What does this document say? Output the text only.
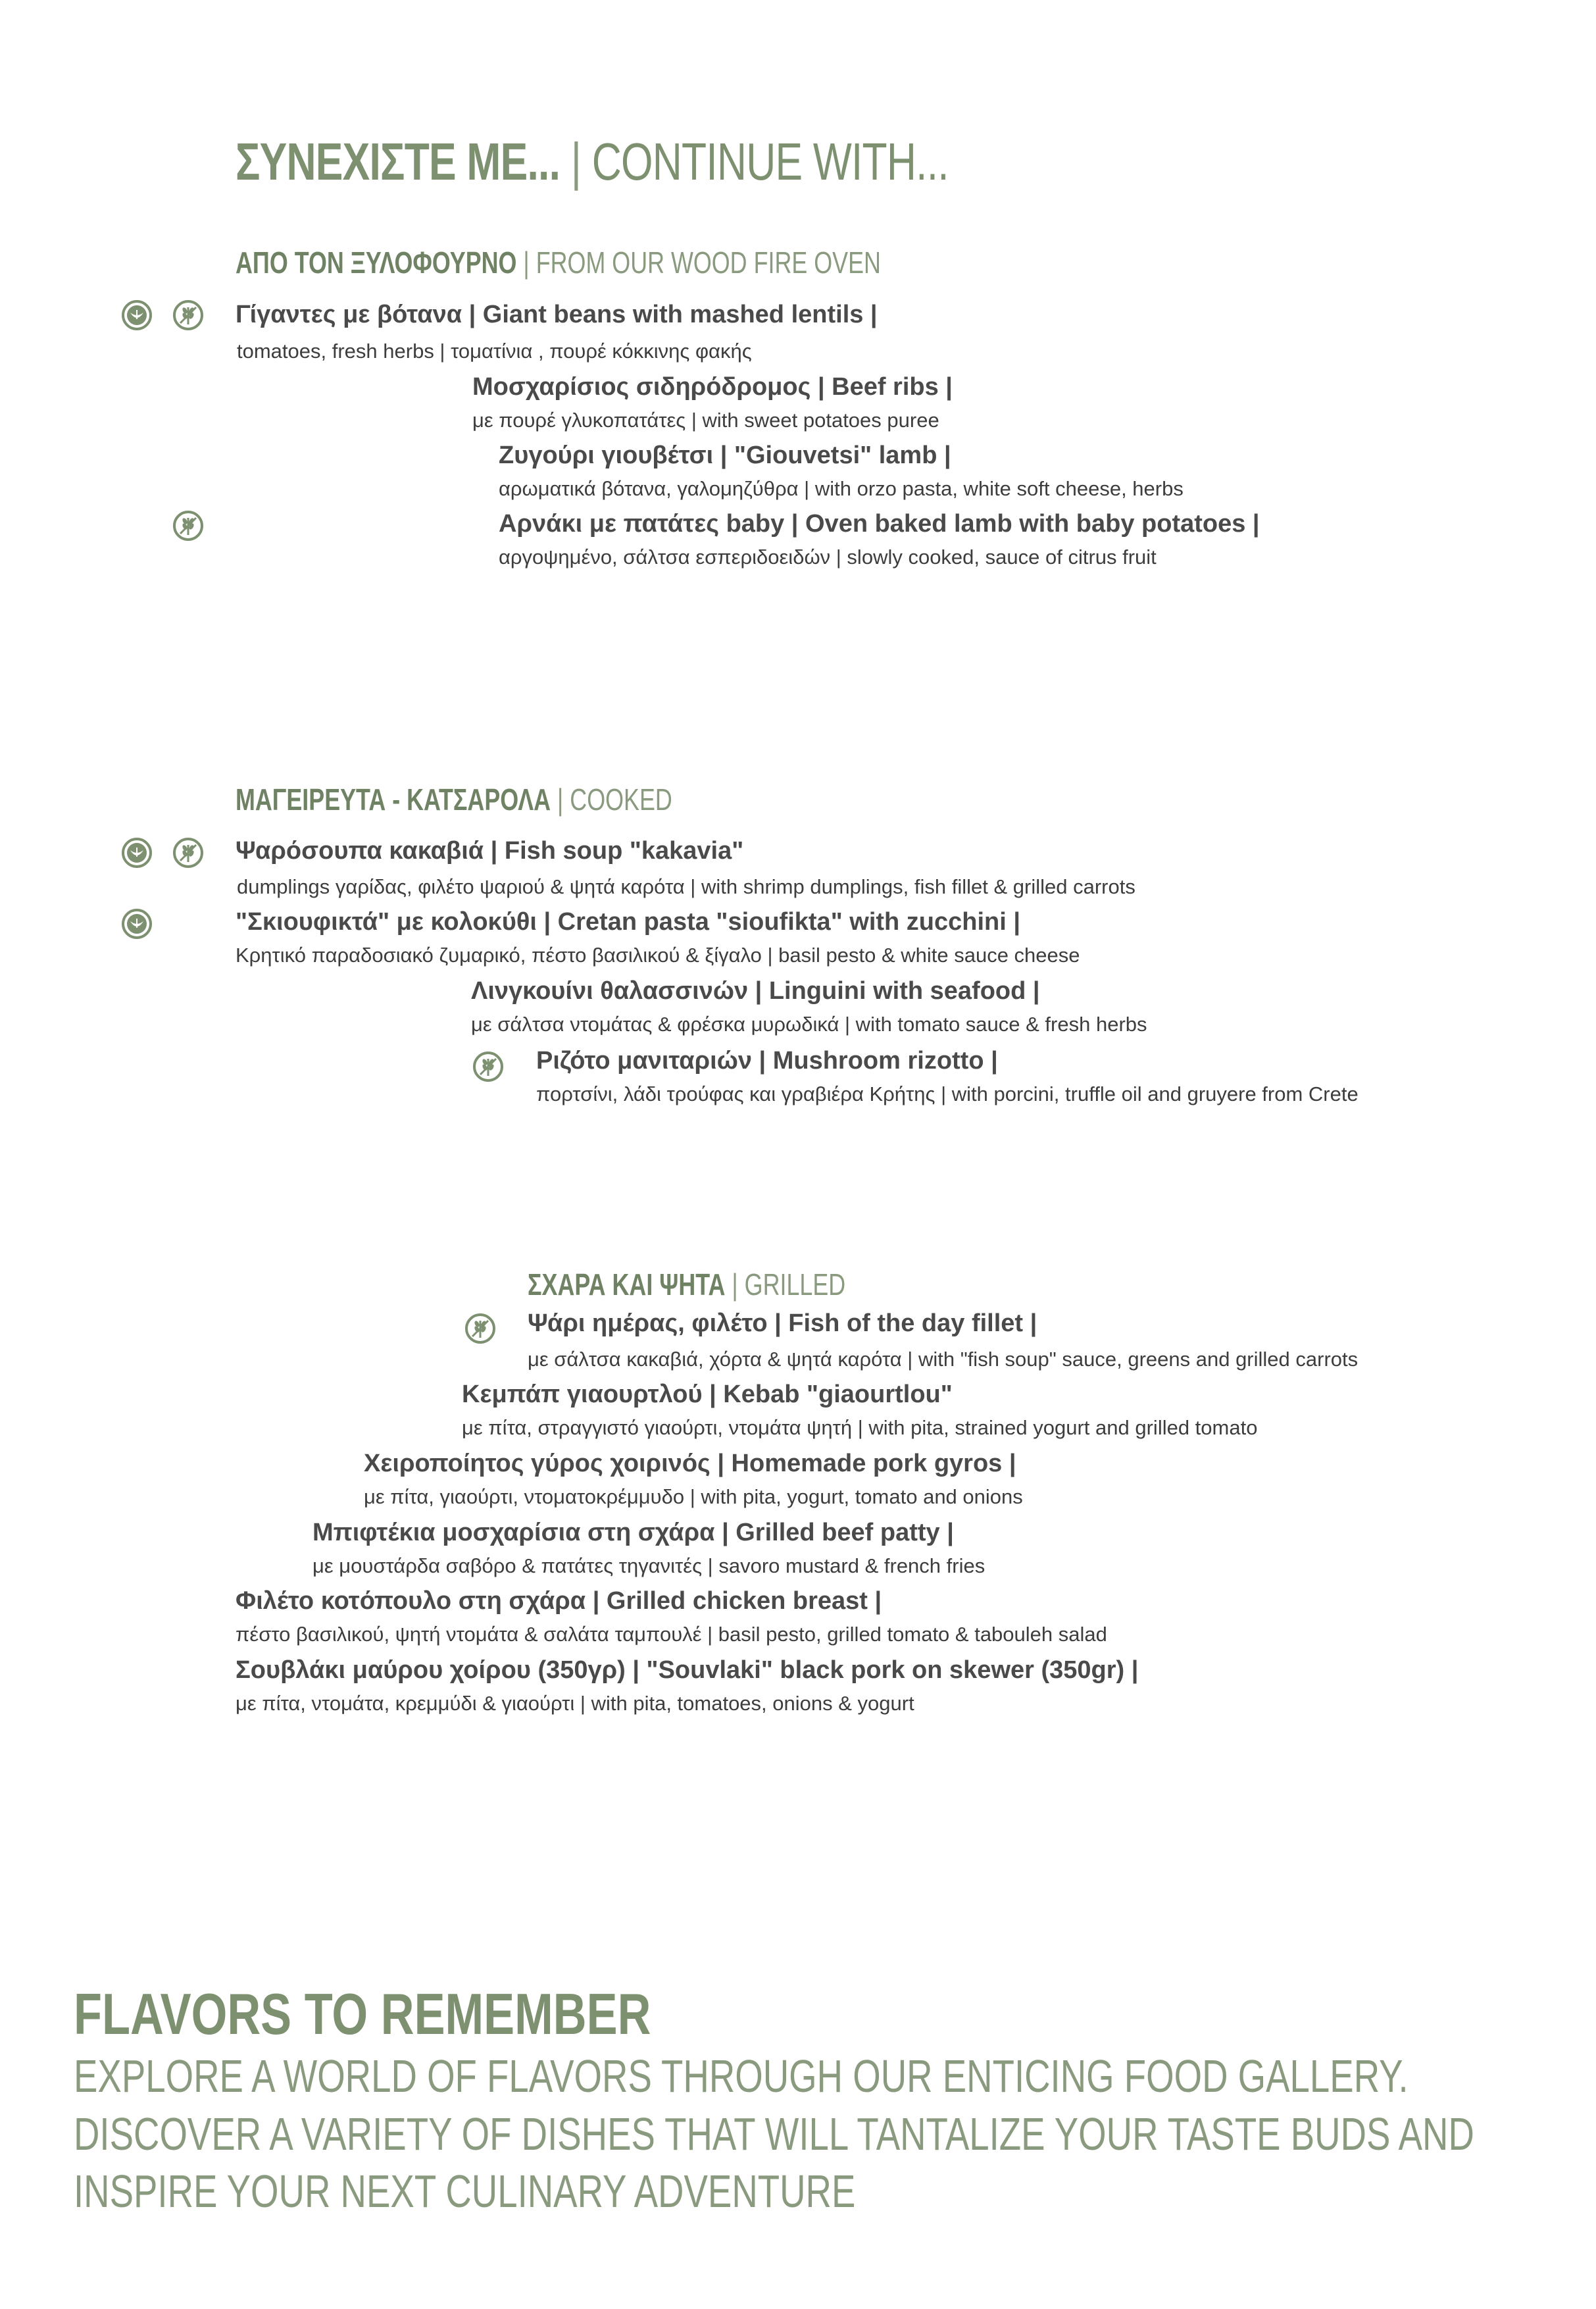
ΣΥΝΕΧΙΣΤΕ ΜΕ... | CONTINUE WITH...
ΑΠΟ ΤΟΝ ΞΥΛΟΦΟΥΡΝΟ | FROM OUR WOOD FIRE OVEN
Γίγαντες με βότανα | Giant beans with mashed lentils |
tomatoes, fresh herbs | τοματίνια , πουρέ κόκκινης φακής
Μοσχαρίσιος σιδηρόδρομος | Beef ribs |
με πουρέ γλυκοπατάτες | with sweet potatoes puree
Ζυγούρι γιουβέτσι | "Giouvetsi" lamb |
αρωματικά βότανα, γαλομηζύθρα | with orzo pasta, white soft cheese, herbs
Αρνάκι με πατάτες baby | Oven baked lamb with baby potatoes |
αργοψημένο, σάλτσα εσπεριδοειδών | slowly cooked, sauce of citrus fruit
ΜΑΓΕΙΡΕΥΤΑ - ΚΑΤΣΑΡΟΛΑ | COOKED
Ψαρόσουπα κακαβιά | Fish soup "kakavia"
dumplings γαρίδας, φιλέτο ψαριού & ψητά καρότα | with shrimp dumplings, fish fillet & grilled carrots
"Σκιουφικτά" με κολοκύθι | Cretan pasta "sioufikta" with zucchini |
Κρητικό παραδοσιακό ζυμαρικό, πέστο βασιλικού & ξίγαλο | basil pesto & white sauce cheese
Λινγκουίνι θαλασσινών | Linguini with seafood |
με σάλτσα ντομάτας & φρέσκα μυρωδικά | with tomato sauce & fresh herbs
Ριζότο μανιταριών | Mushroom rizotto |
πορτσίνι, λάδι τρούφας και γραβιέρα Κρήτης | with porcini, truffle oil and gruyere from Crete
ΣΧΑΡΑ ΚΑΙ ΨΗΤΑ | GRILLED
Ψάρι ημέρας, φιλέτο | Fish of the day fillet |
με σάλτσα κακαβιά, χόρτα & ψητά καρότα | with "fish soup" sauce, greens and grilled carrots
Κεμπάπ γιαουρτλού | Kebab "giaourtlou"
με πίτα, στραγγιστό γιαούρτι, ντομάτα ψητή | with pita, strained yogurt and grilled tomato
Χειροποίητος γύρος χοιρινός | Homemade pork gyros |
με πίτα, γιαούρτι, ντοματοκρέμμυδο | with pita, yogurt, tomato and onions
Μπιφτέκια μοσχαρίσια στη σχάρα | Grilled beef patty |
με μουστάρδα σαβόρο & πατάτες τηγανιτές | savoro mustard & french fries
Φιλέτο κοτόπουλο στη σχάρα | Grilled chicken breast |
πέστο βασιλικού, ψητή ντομάτα & σαλάτα ταμπουλέ | basil pesto, grilled tomato & tabouleh salad
Σουβλάκι μαύρου χοίρου (350γρ) | "Souvlaki" black pork on skewer (350gr) |
με πίτα, ντομάτα, κρεμμύδι & γιαούρτι | with pita, tomatoes, onions & yogurt
FLAVORS TO REMEMBER
EXPLORE A WORLD OF FLAVORS THROUGH OUR ENTICING FOOD GALLERY.
DISCOVER A VARIETY OF DISHES THAT WILL TANTALIZE YOUR TASTE BUDS AND
INSPIRE YOUR NEXT CULINARY ADVENTURE
